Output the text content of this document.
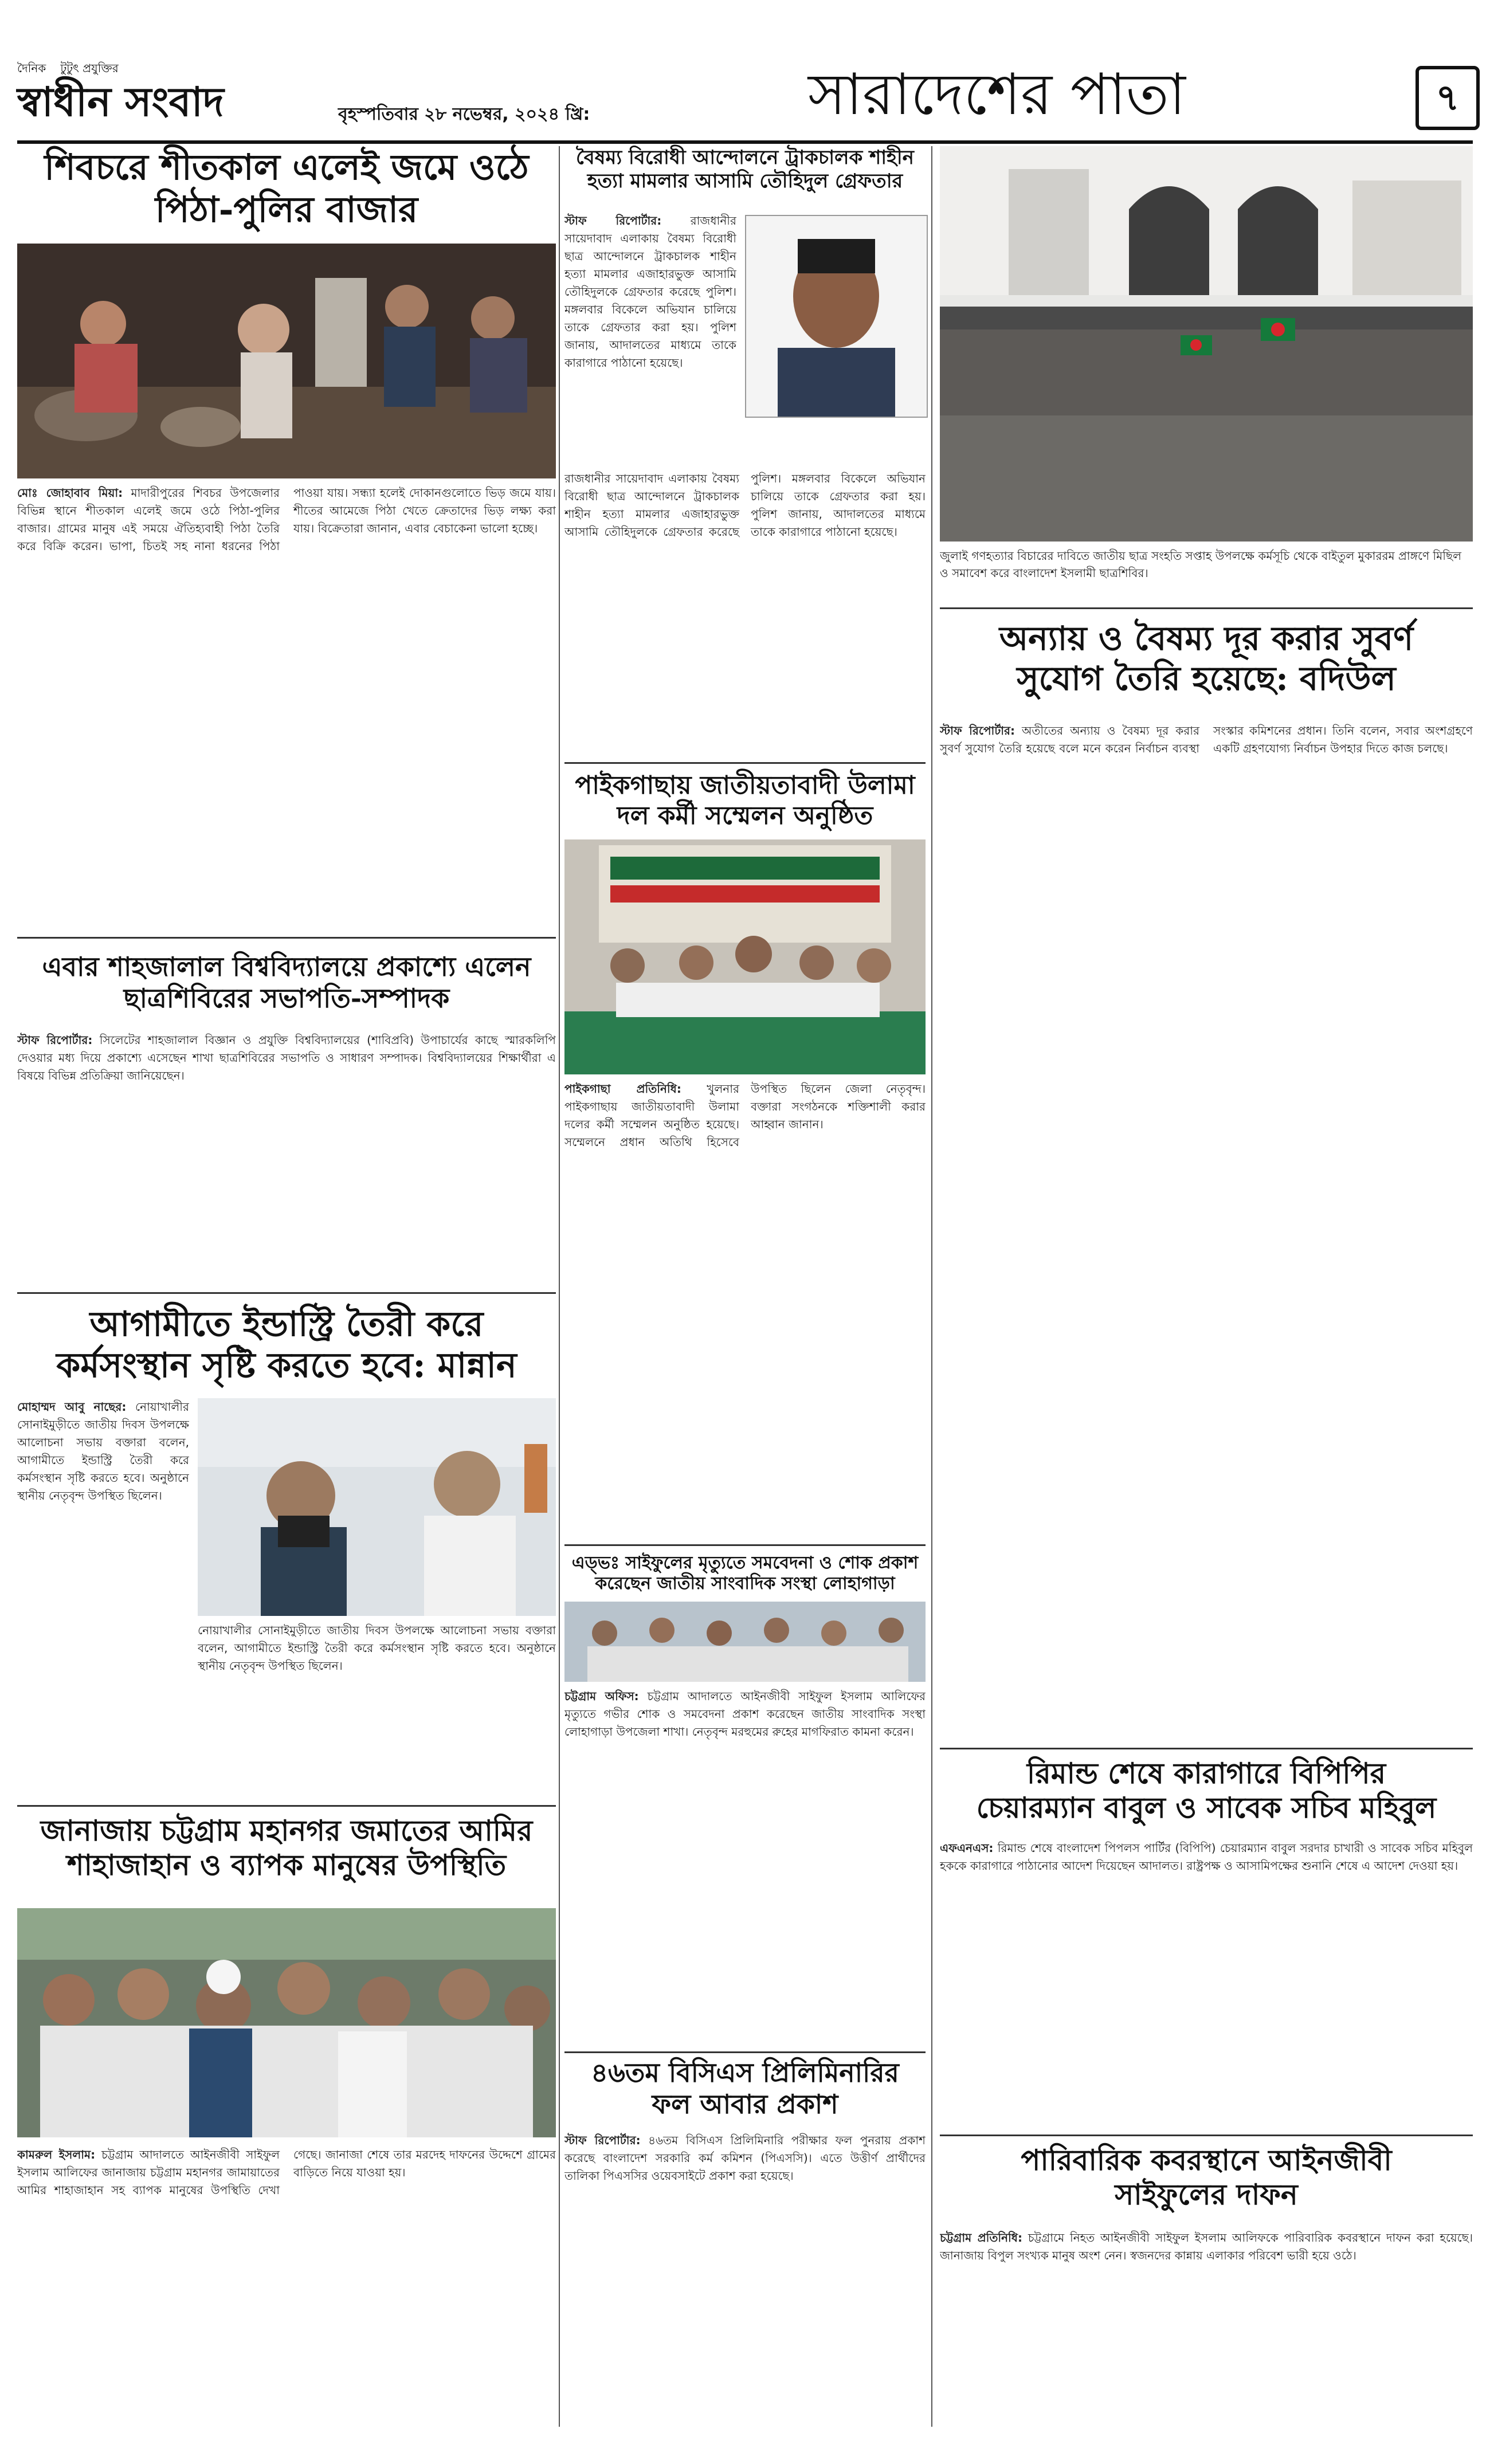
দৈনিক টুটুৎ প্রযুক্তির
স্বাধীন সংবাদ	বৃহস্পতিবার ২৮ নভেম্বর, ২০২৪ খ্রি:	সারাদেশের পাতা	৭
শিবচরে শীতকাল এলেই জমে ওঠে পিঠা-পুলির বাজার
মোঃ জোহাবাব মিয়া: মাদারীপুরের শিবচর উপজেলার বিভিন্ন স্থানে শীতকাল এলেই জমে ওঠে পিঠা-পুলির বাজার। গ্রামের মানুষ এই সময়ে ঐতিহ্যবাহী পিঠা তৈরি করে বিক্রি করেন। ভাপা, চিতই সহ নানা ধরনের পিঠা পাওয়া যায়। সন্ধ্যা হলেই দোকানগুলোতে ভিড় জমে যায়। শীতের আমেজে পিঠা খেতে ক্রেতাদের ভিড় লক্ষ্য করা যায়। বিক্রেতারা জানান, এবার বেচাকেনা ভালো হচ্ছে।
এবার শাহজালাল বিশ্ববিদ্যালয়ে প্রকাশ্যে এলেন
ছাত্রশিবিরের সভাপতি-সম্পাদক
স্টাফ রিপোর্টার: সিলেটের শাহজালাল বিজ্ঞান ও প্রযুক্তি বিশ্ববিদ্যালয়ের (শাবিপ্রবি) উপাচার্যের কাছে স্মারকলিপি দেওয়ার মধ্য দিয়ে প্রকাশ্যে এসেছেন শাখা ছাত্রশিবিরের সভাপতি ও সাধারণ সম্পাদক। বিশ্ববিদ্যালয়ের শিক্ষার্থীরা এ বিষয়ে বিভিন্ন প্রতিক্রিয়া জানিয়েছেন।
আগামীতে ইন্ডাস্ট্রি তৈরী করে
কর্মসংস্থান সৃষ্টি করতে হবে: মান্নান
মোহাম্মদ আবু নাছের: নোয়াখালীর সোনাইমুড়ীতে জাতীয় দিবস উপলক্ষে আলোচনা সভায় বক্তারা বলেন, আগামীতে ইন্ডাস্ট্রি তৈরী করে কর্মসংস্থান সৃষ্টি করতে হবে। অনুষ্ঠানে স্থানীয় নেতৃবৃন্দ উপস্থিত ছিলেন।
নোয়াখালীর সোনাইমুড়ীতে জাতীয় দিবস উপলক্ষে আলোচনা সভায় বক্তারা বলেন, আগামীতে ইন্ডাস্ট্রি তৈরী করে কর্মসংস্থান সৃষ্টি করতে হবে। অনুষ্ঠানে স্থানীয় নেতৃবৃন্দ উপস্থিত ছিলেন।
জানাজায় চট্টগ্রাম মহানগর জমাতের আমির
শাহাজাহান ও ব্যাপক মানুষের উপস্থিতি
কামরুল ইসলাম: চট্টগ্রাম আদালতে আইনজীবী সাইফুল ইসলাম আলিফের জানাজায় চট্টগ্রাম মহানগর জামায়াতের আমির শাহাজাহান সহ ব্যাপক মানুষের উপস্থিতি দেখা গেছে। জানাজা শেষে তার মরদেহ দাফনের উদ্দেশে গ্রামের বাড়িতে নিয়ে যাওয়া হয়।
বৈষম্য বিরোধী আন্দোলনে ট্রাকচালক শাহীন হত্যা মামলার আসামি তৌহিদুল গ্রেফতার
স্টাফ রিপোর্টার:	রাজধানীর সায়েদাবাদ এলাকায় বৈষম্য বিরোধী ছাত্র আন্দোলনে ট্রাকচালক শাহীন হত্যা মামলার এজাহারভুক্ত আসামি তৌহিদুলকে গ্রেফতার করেছে পুলিশ। মঙ্গলবার বিকেলে অভিযান চালিয়ে তাকে গ্রেফতার করা হয়। পুলিশ জানায়, আদালতের মাধ্যমে তাকে কারাগারে পাঠানো হয়েছে।
রাজধানীর সায়েদাবাদ এলাকায় বৈষম্য বিরোধী ছাত্র আন্দোলনে ট্রাকচালক শাহীন হত্যা মামলার এজাহারভুক্ত আসামি তৌহিদুলকে গ্রেফতার করেছে পুলিশ। মঙ্গলবার বিকেলে অভিযান চালিয়ে তাকে গ্রেফতার করা হয়। পুলিশ জানায়, আদালতের মাধ্যমে তাকে কারাগারে পাঠানো হয়েছে।
পাইকগাছায় জাতীয়তাবাদী উলামা দল কর্মী সম্মেলন অনুষ্ঠিত
পাইকগাছা প্রতিনিধি: খুলনার পাইকগাছায় জাতীয়তাবাদী উলামা দলের কর্মী সম্মেলন অনুষ্ঠিত হয়েছে। সম্মেলনে প্রধান অতিথি হিসেবে উপস্থিত ছিলেন জেলা নেতৃবৃন্দ। বক্তারা সংগঠনকে শক্তিশালী করার আহ্বান জানান।
এড্ভঃ সাইফুলের মৃত্যুতে সমবেদনা ও শোক প্রকাশ
করেছেন জাতীয় সাংবাদিক সংস্থা লোহাগাড়া
চট্টগ্রাম অফিস: চট্টগ্রাম আদালতে আইনজীবী সাইফুল ইসলাম আলিফের মৃত্যুতে গভীর শোক ও সমবেদনা প্রকাশ করেছেন জাতীয় সাংবাদিক সংস্থা লোহাগাড়া উপজেলা শাখা। নেতৃবৃন্দ মরহুমের রুহের মাগফিরাত কামনা করেন।
৪৬তম বিসিএস প্রিলিমিনারির
ফল আবার প্রকাশ
স্টাফ রিপোর্টার: ৪৬তম বিসিএস প্রিলিমিনারি পরীক্ষার ফল পুনরায় প্রকাশ করেছে বাংলাদেশ সরকারি কর্ম কমিশন (পিএসসি)। এতে উত্তীর্ণ প্রার্থীদের তালিকা পিএসসির ওয়েবসাইটে প্রকাশ করা হয়েছে।
জুলাই গণহত্যার বিচারের দাবিতে জাতীয় ছাত্র সংহতি সপ্তাহ উপলক্ষে কর্মসূচি থেকে বাইতুল মুকাররম প্রাঙ্গণে মিছিল ও সমাবেশ করে বাংলাদেশ ইসলামী ছাত্রশিবির।
অন্যায় ও বৈষম্য দূর করার সুবর্ণ
সুযোগ তৈরি হয়েছে: বদিউল
স্টাফ রিপোর্টার: অতীতের অন্যায় ও বৈষম্য দূর করার সুবর্ণ সুযোগ তৈরি হয়েছে বলে মনে করেন নির্বাচন ব্যবস্থা সংস্কার কমিশনের প্রধান। তিনি বলেন, সবার অংশগ্রহণে একটি গ্রহণযোগ্য নির্বাচন উপহার দিতে কাজ চলছে।
রিমান্ড শেষে কারাগারে বিপিপির
চেয়ারম্যান বাবুল ও সাবেক সচিব মহিবুল
এফএনএস: রিমান্ড শেষে বাংলাদেশ পিপলস পার্টির (বিপিপি) চেয়ারম্যান বাবুল সরদার চাখারী ও সাবেক সচিব মহিবুল হককে কারাগারে পাঠানোর আদেশ দিয়েছেন আদালত। রাষ্ট্রপক্ষ ও আসামিপক্ষের শুনানি শেষে এ আদেশ দেওয়া হয়।
পারিবারিক কবরস্থানে আইনজীবী
সাইফুলের দাফন
চট্টগ্রাম প্রতিনিধি: চট্টগ্রামে নিহত আইনজীবী সাইফুল ইসলাম আলিফকে পারিবারিক কবরস্থানে দাফন করা হয়েছে। জানাজায় বিপুল সংখ্যক মানুষ অংশ নেন। স্বজনদের কান্নায় এলাকার পরিবেশ ভারী হয়ে ওঠে।
